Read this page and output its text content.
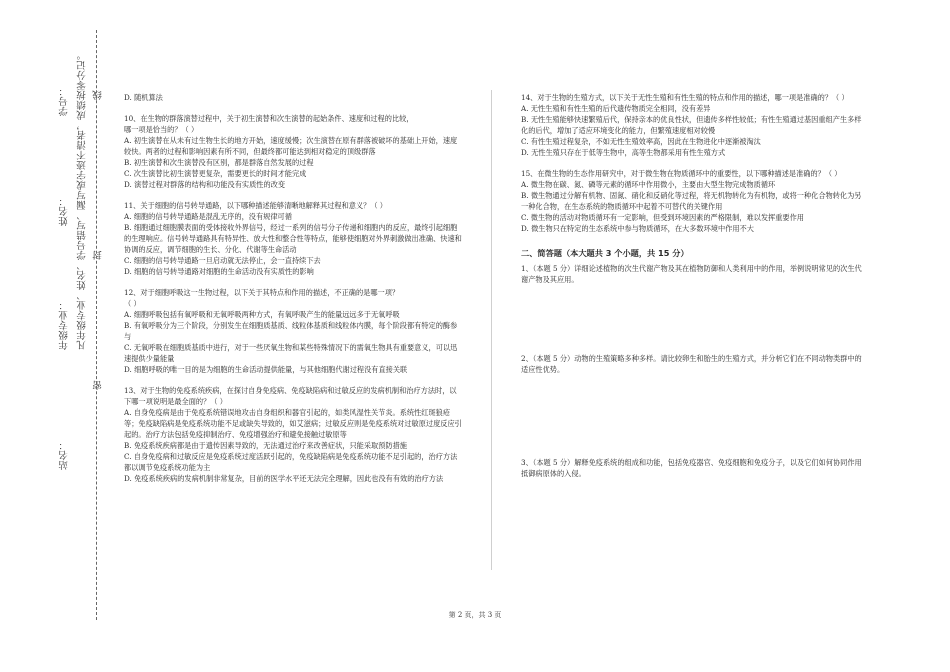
学号：
姓名：
年级专业：
站名：
凡年级专业、姓名、学号错写、漏写或字迹不清者，成绩按零分记。 线
封
密
D. 随机算法
10、在生物的群落演替过程中，关于初生演替和次生演替的起始条件、速度和过程的比较，
哪一项是恰当的？（ ）
A. 初生演替在从未有过生物生长的地方开始，速度缓慢；次生演替在原有群落被破坏的基础上开始，速度较快。两者的过程和影响因素有所不同，但最终都可能达到相对稳定的顶级群落
B. 初生演替和次生演替没有区别，都是群落自然发展的过程
C. 次生演替比初生演替更复杂，需要更长的时间才能完成
D. 演替过程对群落的结构和功能没有实质性的改变
11、关于细胞的信号转导通路，以下哪种描述能够清晰地解释其过程和意义？（ ）
A. 细胞的信号转导通路是混乱无序的，没有规律可循
B. 细胞通过细胞膜表面的受体接收外界信号，经过一系列的信号分子传递和细胞内的反应，最终引起细胞的生理响应。信号转导通路具有特异性、放大性和整合性等特点，能够使细胞对外界刺激做出准确、快速和协调的反应，调节细胞的生长、分化、代谢等生命活动
C. 细胞的信号转导通路一旦启动就无法停止，会一直持续下去
D. 细胞的信号转导通路对细胞的生命活动没有实质性的影响
12、对于细胞呼吸这一生物过程，以下关于其特点和作用的描述，不正确的是哪一项？
（ ）
A. 细胞呼吸包括有氧呼吸和无氧呼吸两种方式，有氧呼吸产生的能量远远多于无氧呼吸
B. 有氧呼吸分为三个阶段，分别发生在细胞质基质、线粒体基质和线粒体内膜，每个阶段都有特定的酶参与
C. 无氧呼吸在细胞质基质中进行，对于一些厌氧生物和某些特殊情况下的需氧生物具有重要意义，可以迅速提供少量能量
D. 细胞呼吸的唯一目的是为细胞的生命活动提供能量，与其他细胞代谢过程没有直接关联
13、对于生物的免疫系统疾病，在探讨自身免疫病、免疫缺陷病和过敏反应的发病机制和治疗方法时，以下哪一项说明是最全面的？（ ）
A. 自身免疫病是由于免疫系统错误地攻击自身组织和器官引起的，如类风湿性关节炎。系统性红斑狼疮等；免疫缺陷病是免疫系统功能不足或缺失导致的，如艾滋病；过敏反应则是免疫系统对过敏原过度反应引起的。治疗方法包括免疫抑制治疗、免疫增强治疗和避免接触过敏原等
B. 免疫系统疾病都是由于遗传因素导致的，无法通过治疗来改善症状，只能采取预防措施
C. 自身免疫病和过敏反应是免疫系统过度活跃引起的，免疫缺陷病是免疫系统功能不足引起的，治疗方法都以调节免疫系统功能为主
D. 免疫系统疾病的发病机制非常复杂，目前的医学水平还无法完全理解，因此也没有有效的治疗方法
14、对于生物的生殖方式，以下关于无性生殖和有性生殖的特点和作用的描述，哪一项是准确的？（ ）
A. 无性生殖和有性生殖的后代遗传物质完全相同，没有差异
B. 无性生殖能够快速繁殖后代，保持亲本的优良性状，但遗传多样性较低；有性生殖通过基因重组产生多样化的后代，增加了适应环境变化的能力，但繁殖速度相对较慢
C. 有性生殖过程复杂，不如无性生殖效率高，因此在生物进化中逐渐被淘汰
D. 无性生殖只存在于低等生物中，高等生物都采用有性生殖方式
15、在微生物的生态作用研究中，对于微生物在物质循环中的重要性，以下哪种描述是准确的？（ ）
A. 微生物在碳、氮、磷等元素的循环中作用微小，主要由大型生物完成物质循环
B. 微生物通过分解有机物、固氮、硝化和反硝化等过程，将无机物转化为有机物，或将一种化合物转化为另一种化合物，在生态系统的物质循环中起着不可替代的关键作用
C. 微生物的活动对物质循环有一定影响，但受到环境因素的严格限制，难以发挥重要作用
D. 微生物只在特定的生态系统中参与物质循环，在大多数环境中作用不大
二、简答题（本大题共 3 个小题，共 15 分）
1、（本题 5 分）详细论述植物的次生代谢产物及其在植物防御和人类利用中的作用，举例说明常见的次生代谢产物及其应用。
2、（本题 5 分）动物的生殖策略多种多样。请比较卵生和胎生的生殖方式，并分析它们在不同动物类群中的适应性优势。
3、（本题 5 分）解释免疫系统的组成和功能，包括免疫器官、免疫细胞和免疫分子，以及它们如何协同作用抵御病原体的入侵。
第 2 页，共 3 页
